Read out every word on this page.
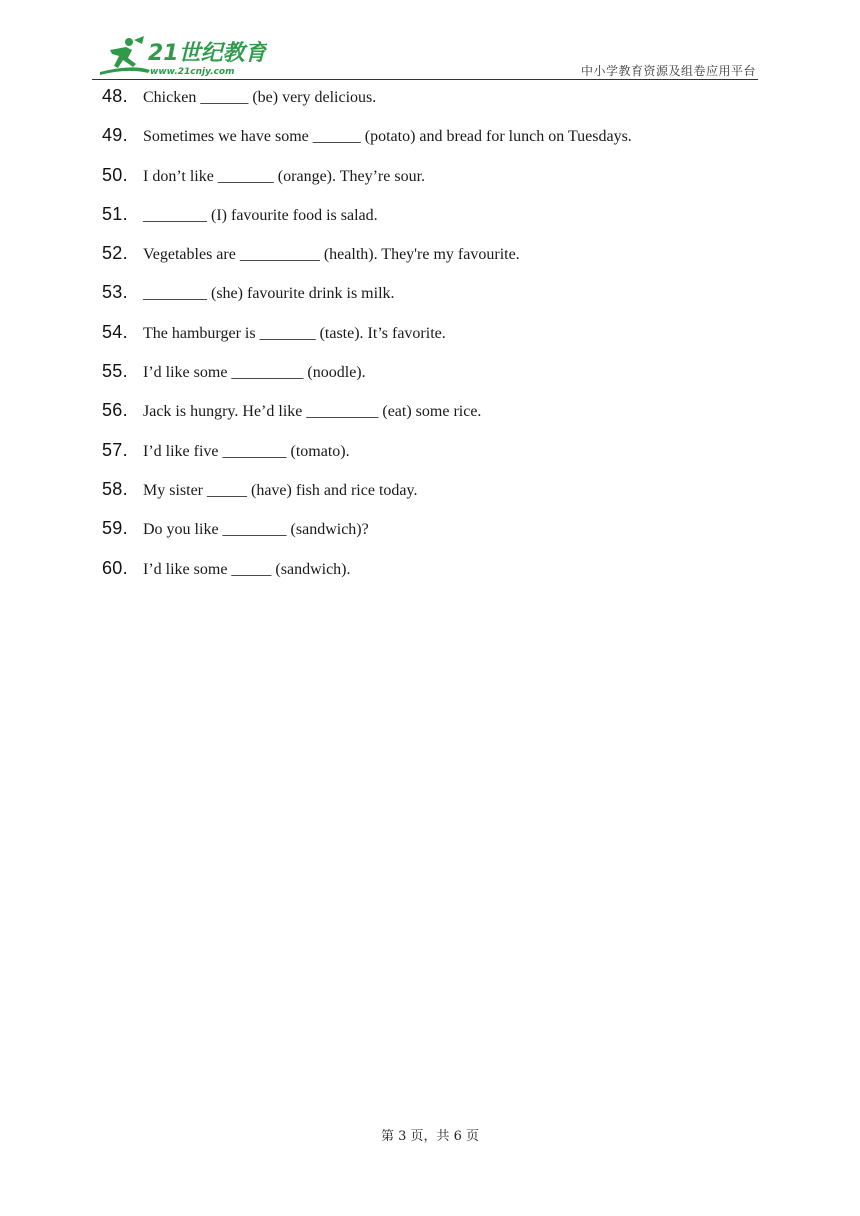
21世纪教育
www.21cnjy.com	中小学教育资源及组卷应用平台
48. Chicken ______ (be) very delicious.
49. Sometimes we have some ______ (potato) and bread for lunch on Tuesdays.
50. I don’t like _______ (orange). They’re sour.
51. ________ (I) favourite food is salad.
52. Vegetables are __________ (health). They're my favourite.
53. ________ (she) favourite drink is milk.
54. The hamburger is _______ (taste). It’s favorite.
55. I’d like some _________ (noodle).
56. Jack is hungry. He’d like _________ (eat) some rice.
57. I’d like five ________ (tomato).
58. My sister _____ (have) fish and rice today.
59. Do you like ________ (sandwich)?
60. I’d like some _____ (sandwich).
第 3 页，共 6 页
